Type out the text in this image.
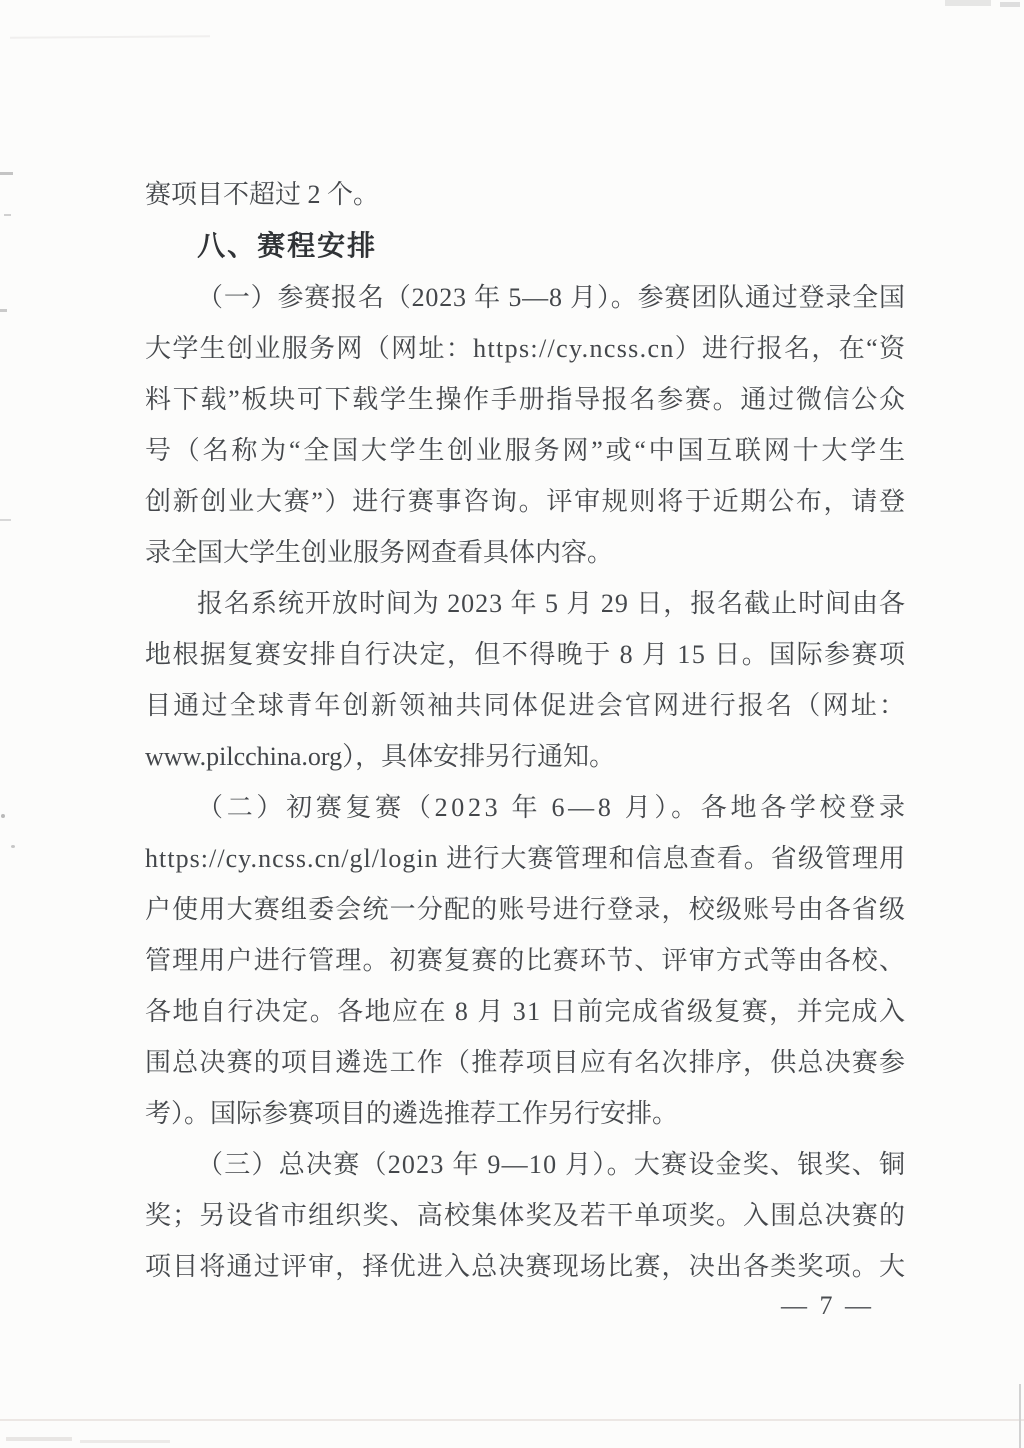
赛项目不超过 2 个。
八、赛程安排
（一）参赛报名（2023 年 5—8 月）。参赛团队通过登录全国
大学生创业服务网（网址：https://cy.ncss.cn）进行报名，在“资
料下载”板块可下载学生操作手册指导报名参赛。通过微信公众
号（名称为“全国大学生创业服务网”或“中国互联网十大学生
创新创业大赛”）进行赛事咨询。评审规则将于近期公布，请登
录全国大学生创业服务网查看具体内容。
报名系统开放时间为 2023 年 5 月 29 日，报名截止时间由各
地根据复赛安排自行决定，但不得晚于 8 月 15 日。国际参赛项
目通过全球青年创新领袖共同体促进会官网进行报名（网址：
www.pilcchina.org），具体安排另行通知。
（二）初赛复赛（2023 年 6—8 月）。各地各学校登录
https://cy.ncss.cn/gl/login 进行大赛管理和信息查看。省级管理用
户使用大赛组委会统一分配的账号进行登录，校级账号由各省级
管理用户进行管理。初赛复赛的比赛环节、评审方式等由各校、
各地自行决定。各地应在 8 月 31 日前完成省级复赛，并完成入
围总决赛的项目遴选工作（推荐项目应有名次排序，供总决赛参
考）。国际参赛项目的遴选推荐工作另行安排。
（三）总决赛（2023 年 9—10 月）。大赛设金奖、银奖、铜
奖；另设省市组织奖、高校集体奖及若干单项奖。入围总决赛的
项目将通过评审，择优进入总决赛现场比赛，决出各类奖项。大
— 7 —
